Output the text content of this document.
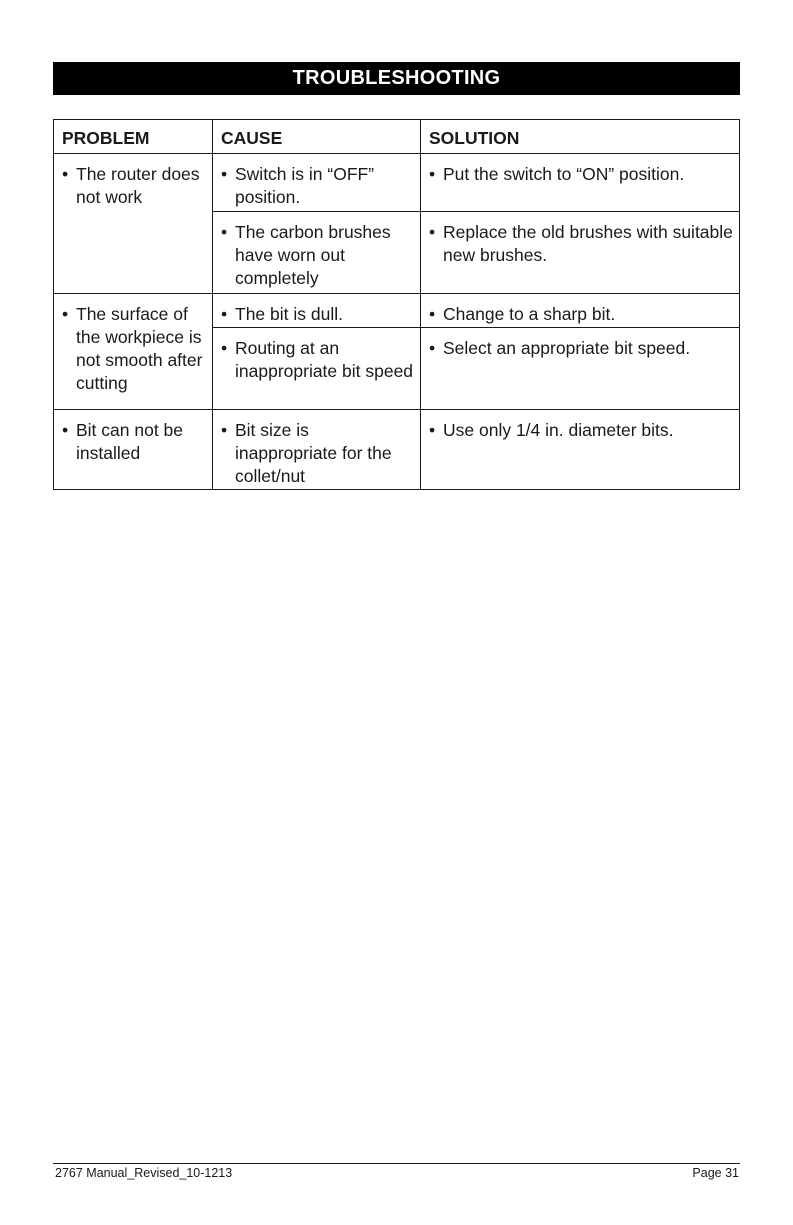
TROUBLESHOOTING
PROBLEM	CAUSE	SOLUTION

• The router does not work	• Switch is in “OFF” position.	• Put the switch to “ON” position.

	• The carbon brushes have worn out completely	• Replace the old brushes with suitable new brushes.

• The surface of the workpiece is not smooth after cutting	• The bit is dull.	• Change to a sharp bit.

	• Routing at an inappropriate bit speed	• Select an appropriate bit speed.

• Bit can not be installed	• Bit size is inappropriate for the collet/nut	• Use only 1/4 in. diameter bits.
2767 Manual_Revised_10-1213	Page 31
